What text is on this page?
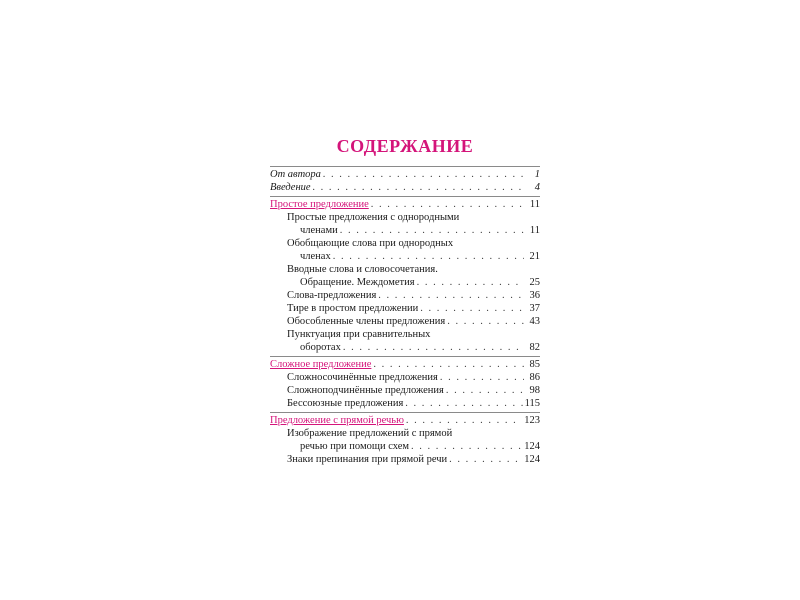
СОДЕРЖАНИЕ
От автора . . .	1
Введение . . .	4
Простое предложение . . .	11
Простые предложения с однородными
членами . . .	11
Обобщающие слова при однородных
членах . . .	21
Вводные слова и словосочетания.
Обращение. Междометия . . .	25
Слова-предложения . . .	36
Тире в простом предложении . . .	37
Обособленные члены предложения . . .	43
Пунктуация при сравнительных
оборотах . . .	82
Сложное предложение . . .	85
Сложносочинённые предложения . . .	86
Сложноподчинённые предложения . . .	98
Бессоюзные предложения . . .	115
Предложение с прямой речью . . .	123
Изображение предложений с прямой
речью при помощи схем . . .	124
Знаки препинания при прямой речи . . .	124
